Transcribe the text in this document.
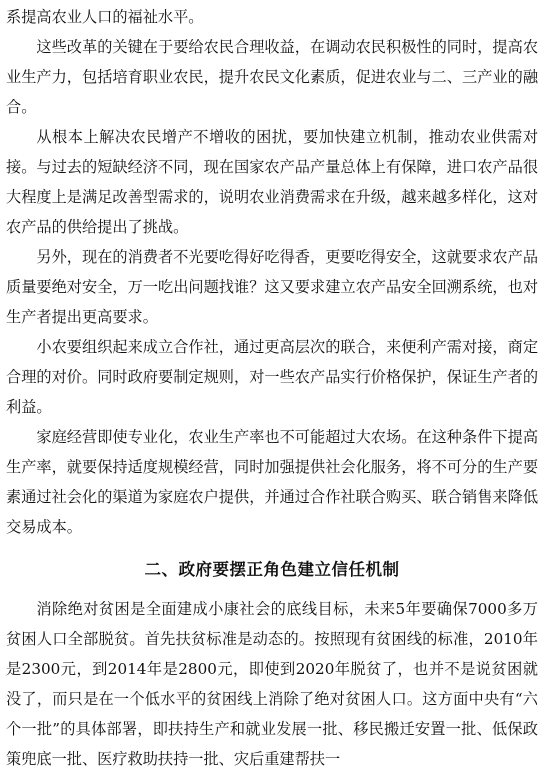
系提高农业人口的福祉水平。

这些改革的关键在于要给农民合理收益，在调动农民积极性的同时，提高农业生产力，包括培育职业农民，提升农民文化素质，促进农业与二、三产业的融合。

从根本上解决农民增产不增收的困扰，要加快建立机制，推动农业供需对接。与过去的短缺经济不同，现在国家农产品产量总体上有保障，进口农产品很大程度上是满足改善型需求的，说明农业消费需求在升级，越来越多样化，这对农产品的供给提出了挑战。

另外，现在的消费者不光要吃得好吃得香，更要吃得安全，这就要求农产品质量要绝对安全，万一吃出问题找谁？这又要求建立农产品安全回溯系统，也对生产者提出更高要求。

小农要组织起来成立合作社，通过更高层次的联合，来便利产需对接，商定合理的对价。同时政府要制定规则，对一些农产品实行价格保护，保证生产者的利益。

家庭经营即使专业化，农业生产率也不可能超过大农场。在这种条件下提高生产率，就要保持适度规模经营，同时加强提供社会化服务，将不可分的生产要素通过社会化的渠道为家庭农户提供，并通过合作社联合购买、联合销售来降低交易成本。

二、政府要摆正角色建立信任机制

消除绝对贫困是全面建成小康社会的底线目标，未来5年要确保7000多万贫困人口全部脱贫。首先扶贫标准是动态的。按照现有贫困线的标准，2010年是2300元，到2014年是2800元，即使到2020年脱贫了，也并不是说贫困就没了，而只是在一个低水平的贫困线上消除了绝对贫困人口。这方面中央有“六个一批”的具体部署，即扶持生产和就业发展一批、移民搬迁安置一批、低保政策兜底一批、医疗救助扶持一批、灾后重建帮扶一
